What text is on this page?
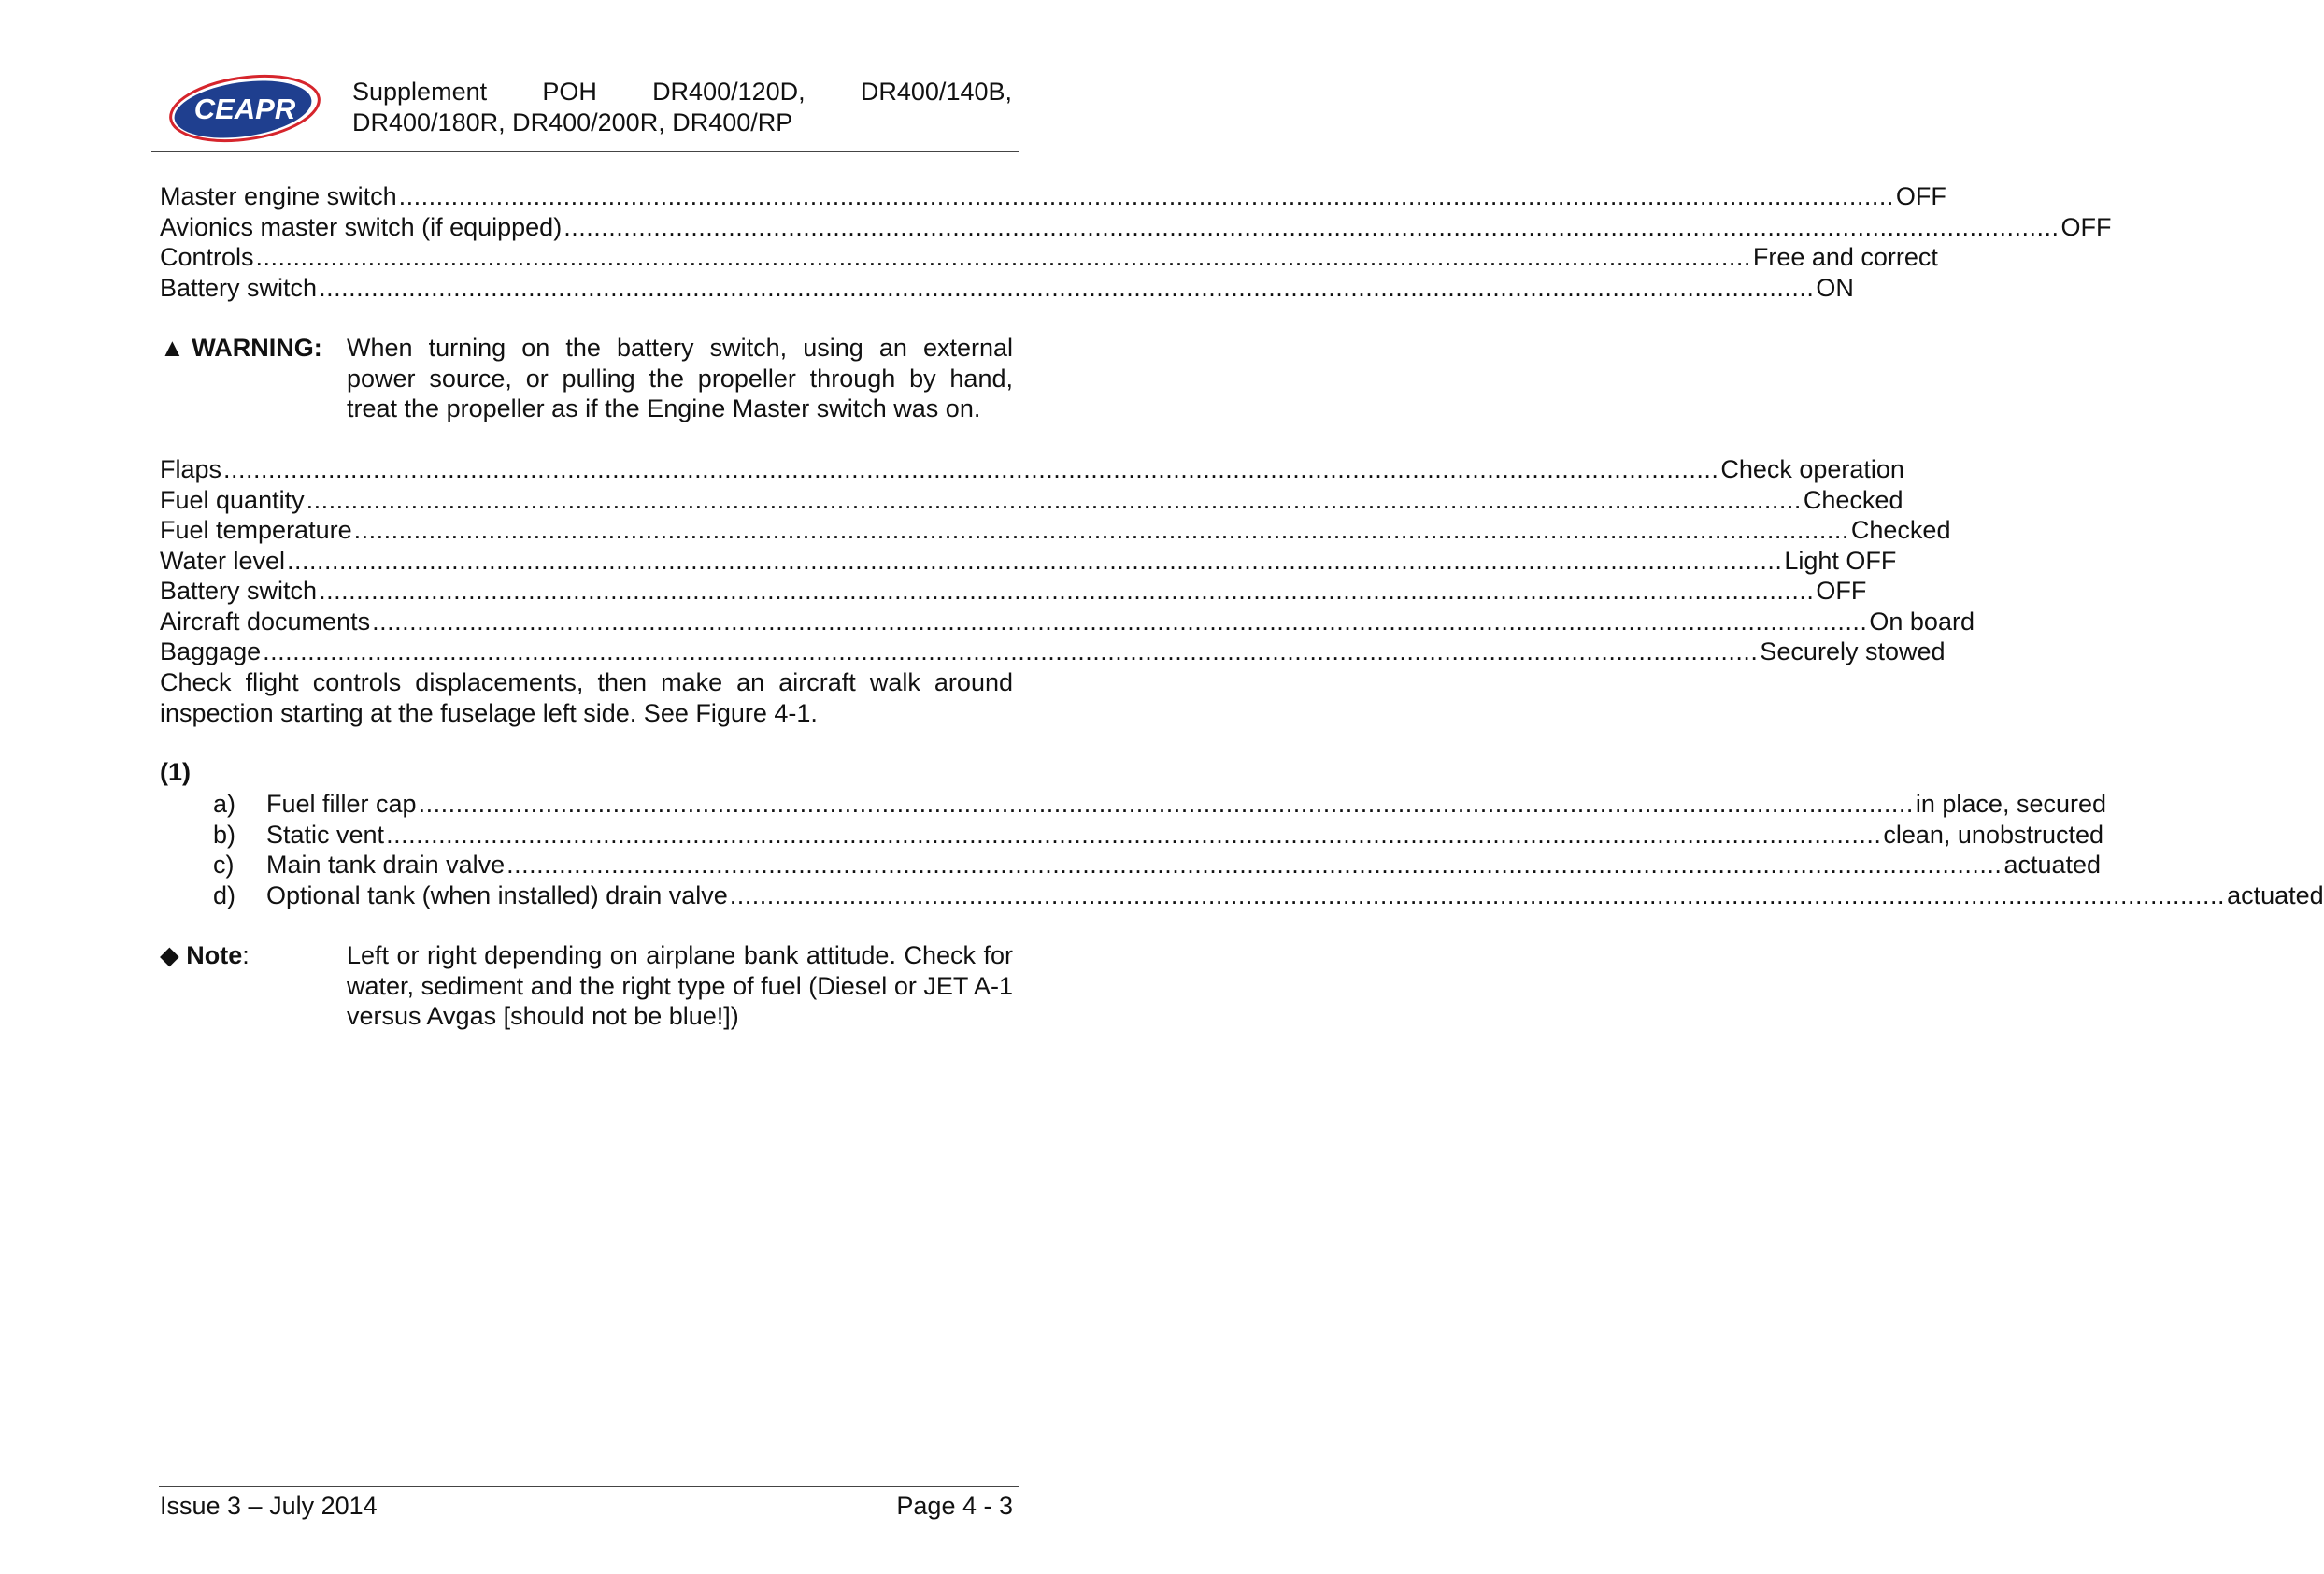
CEAPR
Supplement POH DR400/120D, DR400/140B,
DR400/180R, DR400/200R, DR400/RP
Master engine switch ........................................................................................................................................................................................................ OFF
Avionics master switch (if equipped) ........................................................................................................................................................................................................ OFF
Controls ........................................................................................................................................................................................................ Free and correct
Battery switch ........................................................................................................................................................................................................ ON
▲ WARNING: When turning on the battery switch, using an external power source, or pulling the propeller through by hand, treat the propeller as if the Engine Master switch was on.
Flaps ........................................................................................................................................................................................................ Check operation
Fuel quantity ........................................................................................................................................................................................................ Checked
Fuel temperature ........................................................................................................................................................................................................ Checked
Water level ........................................................................................................................................................................................................ Light OFF
Battery switch ........................................................................................................................................................................................................ OFF
Aircraft documents ........................................................................................................................................................................................................ On board
Baggage ........................................................................................................................................................................................................ Securely stowed
Check flight controls displacements, then make an aircraft walk around inspection starting at the fuselage left side. See Figure 4-1.
(1)
a)	Fuel filler cap ........................................................................................................................................................................................................ in place, secured
b)	Static vent ........................................................................................................................................................................................................ clean, unobstructed
c)	Main tank drain valve ........................................................................................................................................................................................................ actuated
d)	Optional tank (when installed) drain valve ........................................................................................................................................................................................................ actuated
◆ Note:	Left or right depending on airplane bank attitude. Check for water, sediment and the right type of fuel (Diesel or JET A-1 versus Avgas [should not be blue!])
Issue 3 – July 2014	Page 4 - 3
